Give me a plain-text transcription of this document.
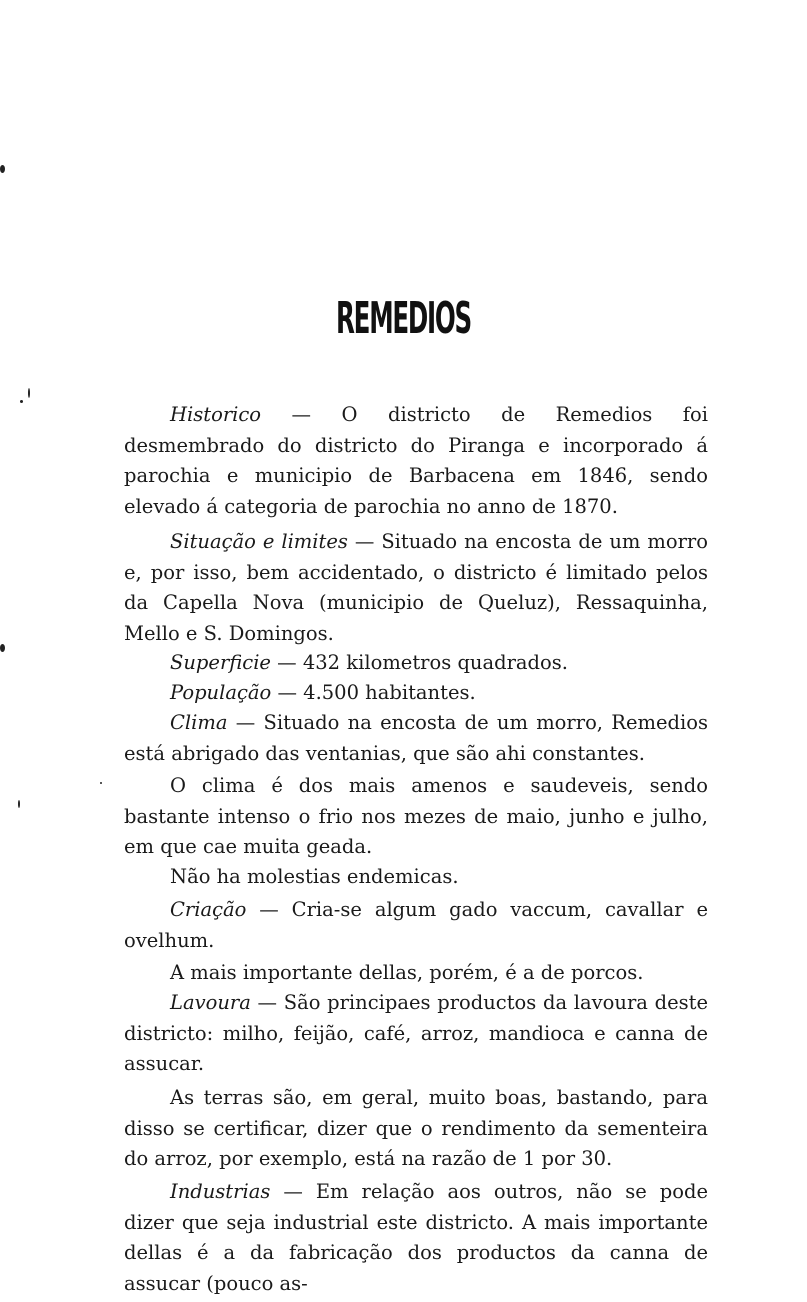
REMEDIOS

Historico — O districto de Remedios foi desmembrado do districto do Piranga e incorporado á parochia e municipio de Barbacena em 1846, sendo elevado á categoria de parochia no anno de 1870.

Situação e limites — Situado na encosta de um morro e, por isso, bem accidentado, o districto é limitado pelos da Capella Nova (municipio de Queluz), Ressaquinha, Mello e S. Domingos.

Superficie — 432 kilometros quadrados.

População — 4.500 habitantes.

Clima — Situado na encosta de um morro, Remedios está abrigado das ventanias, que são ahi constantes.

O clima é dos mais amenos e saudeveis, sendo bastante intenso o frio nos mezes de maio, junho e julho, em que cae muita geada.

Não ha molestias endemicas.

Criação — Cria-se algum gado vaccum, cavallar e ovelhum.

A mais importante dellas, porém, é a de porcos.

Lavoura — São principaes productos da lavoura deste districto: milho, feijão, café, arroz, mandioca e canna de assucar.

As terras são, em geral, muito boas, bastando, para disso se certificar, dizer que o rendimento da sementeira do arroz, por exemplo, está na razão de 1 por 30.

Industrias — Em relação aos outros, não se pode dizer que seja industrial este districto. A mais importante dellas é a da fabricação dos productos da canna de assucar (pouco as-
